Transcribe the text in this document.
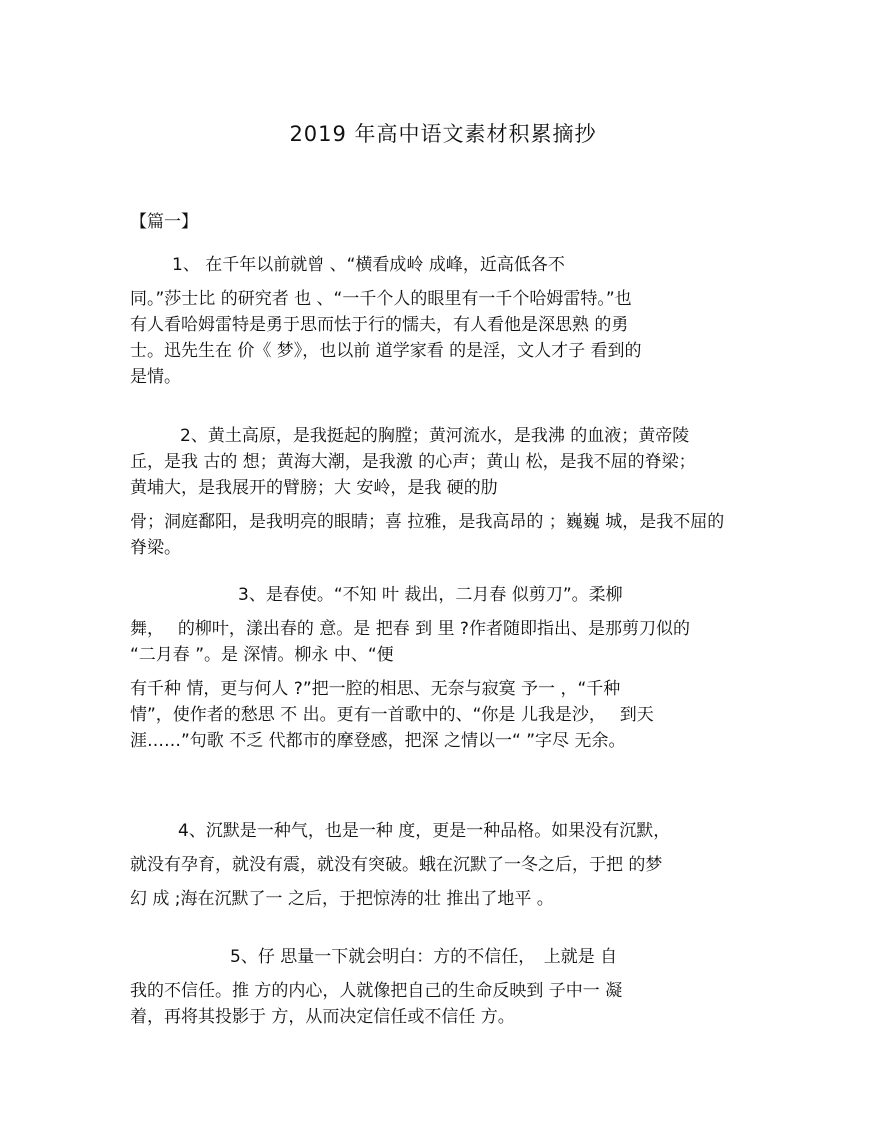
2019 年高中语文素材积累摘抄
【篇一】
1、 在千年以前就曾 、“横看成岭 成峰，近高低各不
同。”莎士比 的研究者 也 、“一千个人的眼里有一千个哈姆雷特。”也
有人看哈姆雷特是勇于思而怯于行的懦夫，有人看他是深思熟 的勇
士。迅先生在 价《 梦》，也以前 道学家看 的是淫，文人才子 看到的
是情。
2、黄土高原，是我挺起的胸膛；黄河流水，是我沸 的血液；黄帝陵
丘，是我 古的 想；黄海大潮，是我激 的心声；黄山 松，是我不屈的脊梁；
黄埔大，是我展开的臂膀；大 安岭，是我 硬的肋
骨；洞庭鄱阳，是我明亮的眼睛；喜 拉雅，是我高昂的 ；巍巍 城，是我不屈的
脊梁。
3、是春使。“不知 叶 裁出，二月春 似剪刀”。柔柳
舞，　 的柳叶，漾出春的 意。是 把春 到 里 ?作者随即指出、是那剪刀似的
“二月春 ”。是 深情。柳永 中、“便
有千种 情，更与何人 ?”把一腔的相思、无奈与寂寞 予一 ，“千种
情”，使作者的愁思 不 出。更有一首歌中的、“你是 儿我是沙，　 到天
涯……”句歌 不乏 代都市的摩登感，把深 之情以一“ ”字尽 无余。
4、沉默是一种气，也是一种 度，更是一种品格。如果没有沉默，
就没有孕育，就没有震，就没有突破。蛾在沉默了一冬之后，于把 的梦
幻 成 ;海在沉默了一 之后，于把惊涛的壮 推出了地平 。
5、仔 思量一下就会明白：方的不信任，　上就是 自
我的不信任。推 方的内心，人就像把自己的生命反映到 子中一 凝
着，再将其投影于 方，从而决定信任或不信任 方。
